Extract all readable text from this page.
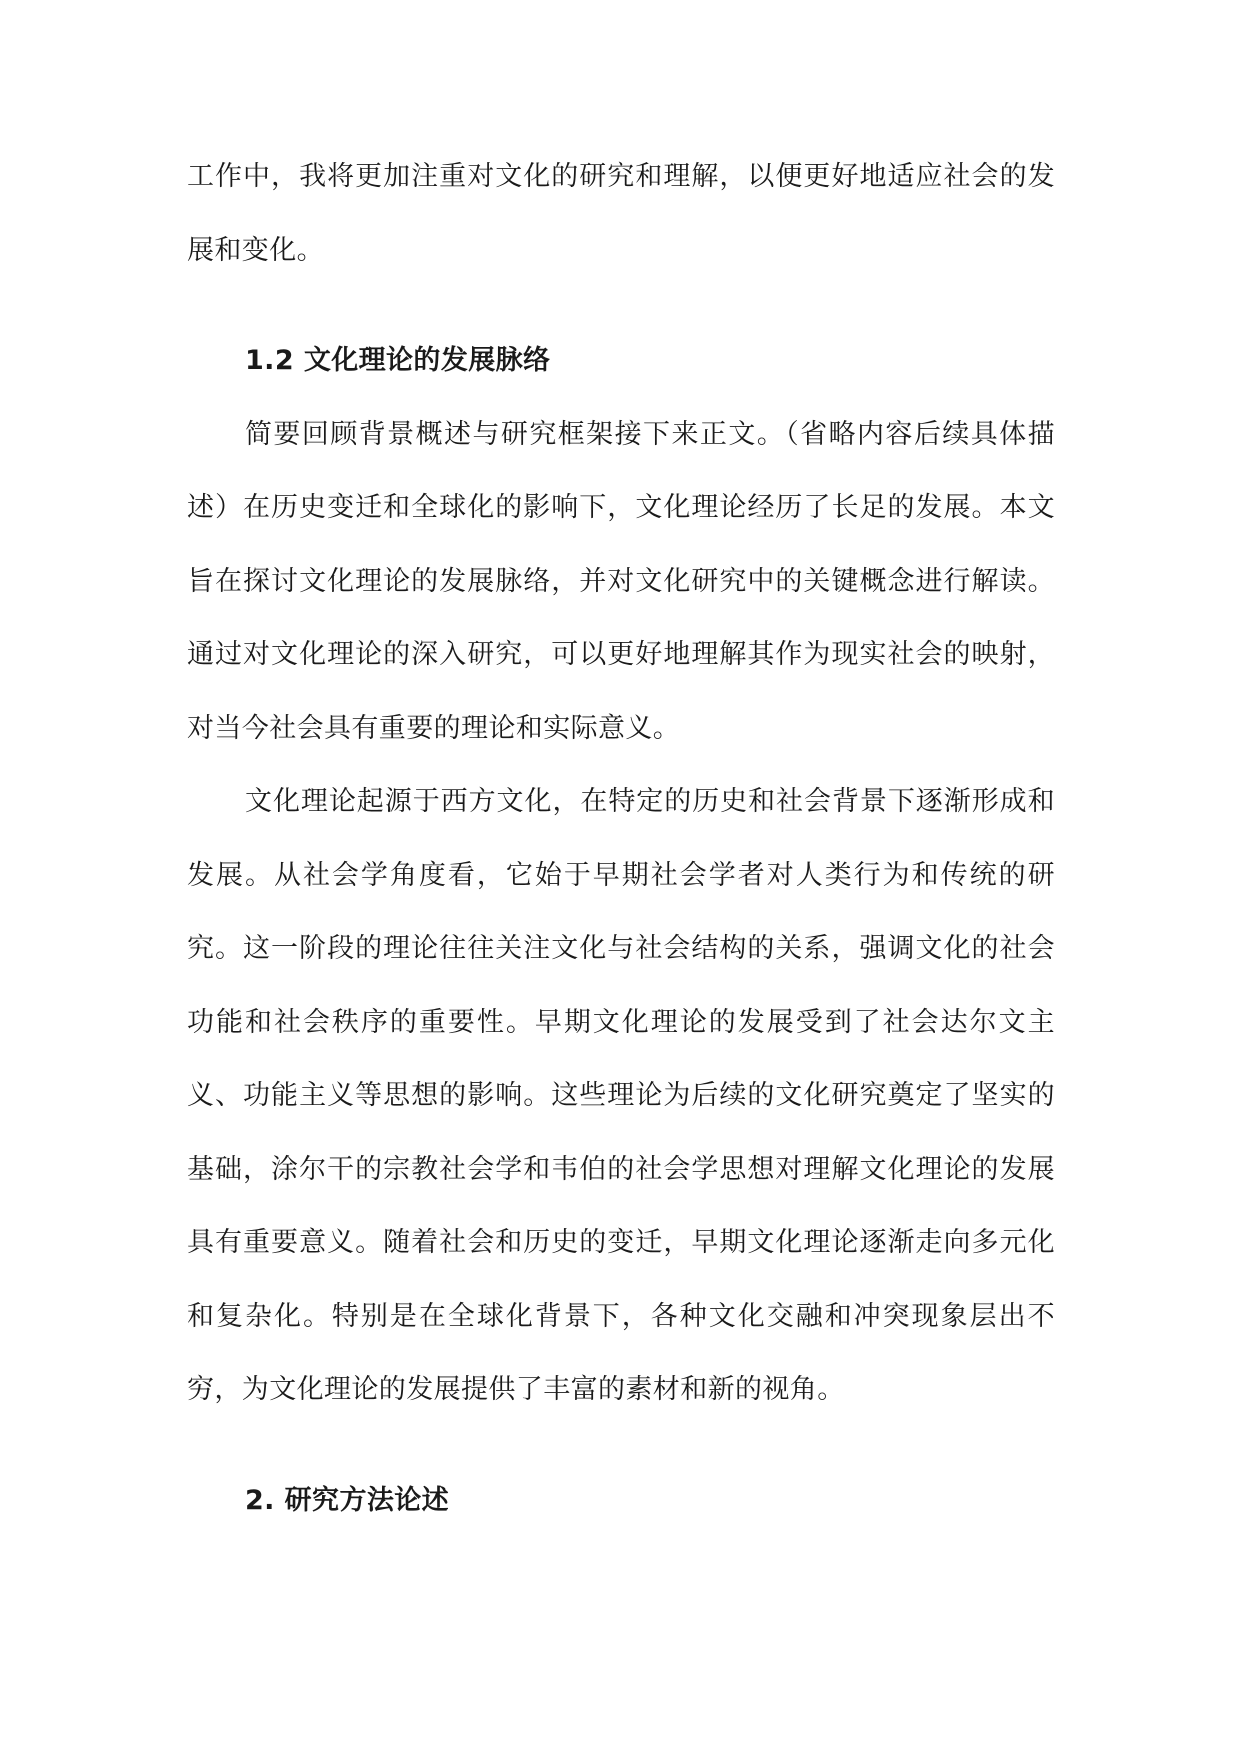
工作中，我将更加注重对文化的研究和理解，以便更好地适应社会的发展和变化。

1.2 文化理论的发展脉络

简要回顾背景概述与研究框架接下来正文。（省略内容后续具体描述）在历史变迁和全球化的影响下，文化理论经历了长足的发展。本文旨在探讨文化理论的发展脉络，并对文化研究中的关键概念进行解读。通过对文化理论的深入研究，可以更好地理解其作为现实社会的映射，对当今社会具有重要的理论和实际意义。

文化理论起源于西方文化，在特定的历史和社会背景下逐渐形成和发展。从社会学角度看，它始于早期社会学者对人类行为和传统的研究。这一阶段的理论往往关注文化与社会结构的关系，强调文化的社会功能和社会秩序的重要性。早期文化理论的发展受到了社会达尔文主义、功能主义等思想的影响。这些理论为后续的文化研究奠定了坚实的基础，涂尔干的宗教社会学和韦伯的社会学思想对理解文化理论的发展具有重要意义。随着社会和历史的变迁，早期文化理论逐渐走向多元化和复杂化。特别是在全球化背景下，各种文化交融和冲突现象层出不穷，为文化理论的发展提供了丰富的素材和新的视角。

2. 研究方法论述
